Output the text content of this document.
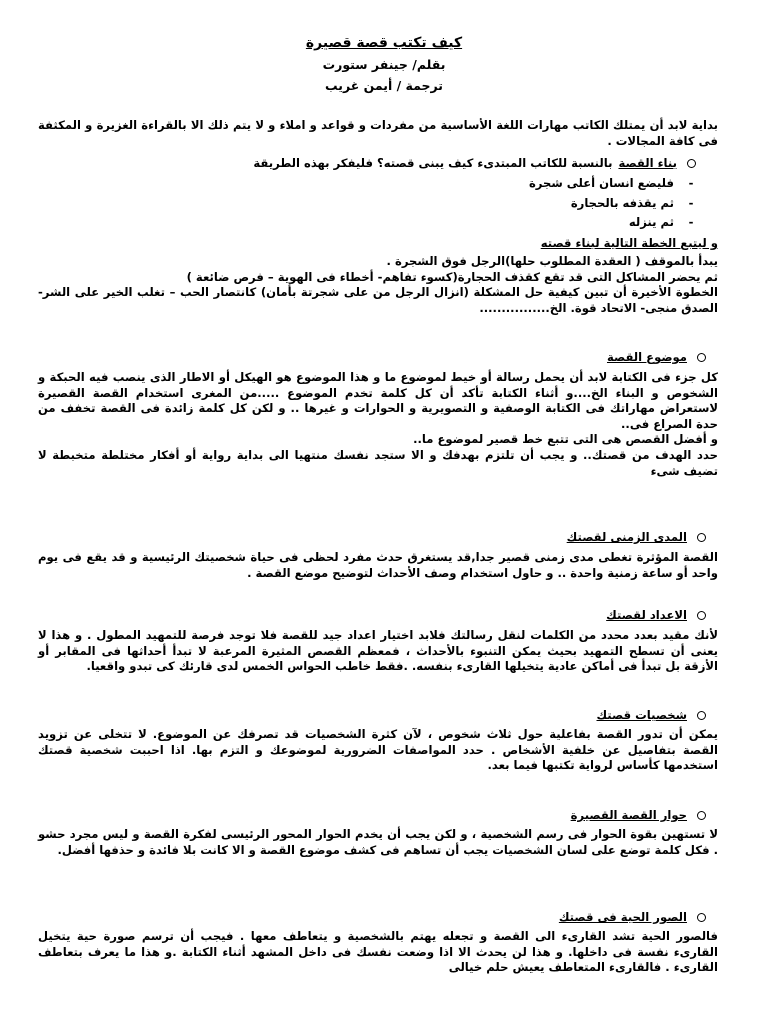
كيف تكتب قصة قصيرة
بقلم/ جينفر ستورت
ترجمة / أيمن غريب

بداية لابد أن يمتلك الكاتب مهارات اللغة الأساسية من مفردات و قواعد و املاء و لا يتم ذلك الا بالقراءة الغزيرة و المكثفة فى كافة المجالات .

بناء القصة
بالنسبة للكاتب المبتدىء كيف يبنى قصته؟ فليفكر بهذه الطريقة
-
فليضع انسان أعلى شجرة
-
ثم يقذفه بالحجارة
-
ثم ينزله
و ليتبع الخطة التالية لبناء قصته

يبدأ بالموقف ( العقدة المطلوب حلها)الرجل فوق الشجرة .

ثم يحضر المشاكل التى قد تقع كقذف الحجارة(كسوء تفاهم- أخطاء فى الهوية – فرص ضائعة )

الخطوة الأخيرة أن تبين كيفية حل المشكلة (انزال الرجل من على شجرتة بأمان) كانتصار الحب – تغلب الخير على الشر- الصدق منجى- الاتحاد قوة. الخ................

موضوع القصة

كل جزء فى الكتابة لابد أن يحمل رسالة أو خيط لموضوع ما و هذا الموضوع هو الهيكل أو الاطار الذى ينصب فيه الحبكة و الشخوص و البناء الخ....و أثناء الكتابة تأكد أن كل كلمة تخدم الموضوع .....من المغرى استخدام القصة القصيرة لاستعراض مهاراتك فى الكتابة الوصفية و التصويرية و الحوارات و غيرها .. و لكن كل كلمة زائدة فى القصة تخفف من حدة الصراع فى..

و أفضل القصص هى التى تتبع خط قصير لموضوع ما..

حدد الهدف من قصتك.. و يجب أن تلتزم بهدفك و الا ستجد نفسك منتهيا الى بداية رواية أو أفكار مختلطة متخبطة لا تضيف شىء

المدى الزمنى لقصتك

القصة المؤثرة تغطى مدى زمنى قصير جدا,قد يستغرق حدث مفرد لحظى فى حياة شخصيتك الرئيسية و قد يقع فى يوم واحد أو ساعة زمنية واحدة .. و حاول استخدام وصف الأحداث لتوضيح موضع القصة .

الاعداد لقصتك

لأنك مقيد بعدد محدد من الكلمات لنقل رسالتك فلابد اختيار اعداد جيد للقصة فلا توجد فرصة للتمهيد المطول . و هذا لا يعنى أن تسطح التمهيد بحيث يمكن التنبوء بالأحداث ، فمعظم القصص المثيرة المرعبة لا تبدأ أحداثها فى المقابر أو الأزقة بل تبدأ فى أماكن عادية يتخيلها القارىء بنفسه. .فقط خاطب الحواس الخمس لدى قارئك كى تبدو واقعيا.

شخصيات قصتك

يمكن أن تدور القصة بفاعلية حول ثلاث شخوص ، لآن كثرة الشخصيات قد تصرفك عن الموضوع. لا تتخلى عن تزويد القصة بتفاصيل عن خلفية الأشخاص . حدد المواصفات الضرورية لموضوعك و التزم بها. اذا احببت شخصية قصتك استخدمها كأساس لرواية تكتبها فيما بعد.

حوار القصة القصيرة

لا تستهين بقوة الحوار فى رسم الشخصية ، و لكن يجب أن يخدم الحوار المحور الرئيسى لفكرة القصة و ليس مجرد حشو . فكل كلمة توضع على لسان الشخصيات يجب أن تساهم فى كشف موضوع القصة و الا كانت بلا فائدة و حذفها أفضل.

الصور الحية فى قصتك

فالصور الحية تشد القارىء الى القصة و تجعله يهتم بالشخصية و يتعاطف معها . فيجب أن ترسم صورة حية يتخيل القارىء نفسة فى داخلها. و هذا لن يحدث الا اذا وضعت نفسك فى داخل المشهد أثناء الكتابة .و هذا ما يعرف بتعاطف القارىء . فالقارىء المتعاطف يعيش حلم خيالى
